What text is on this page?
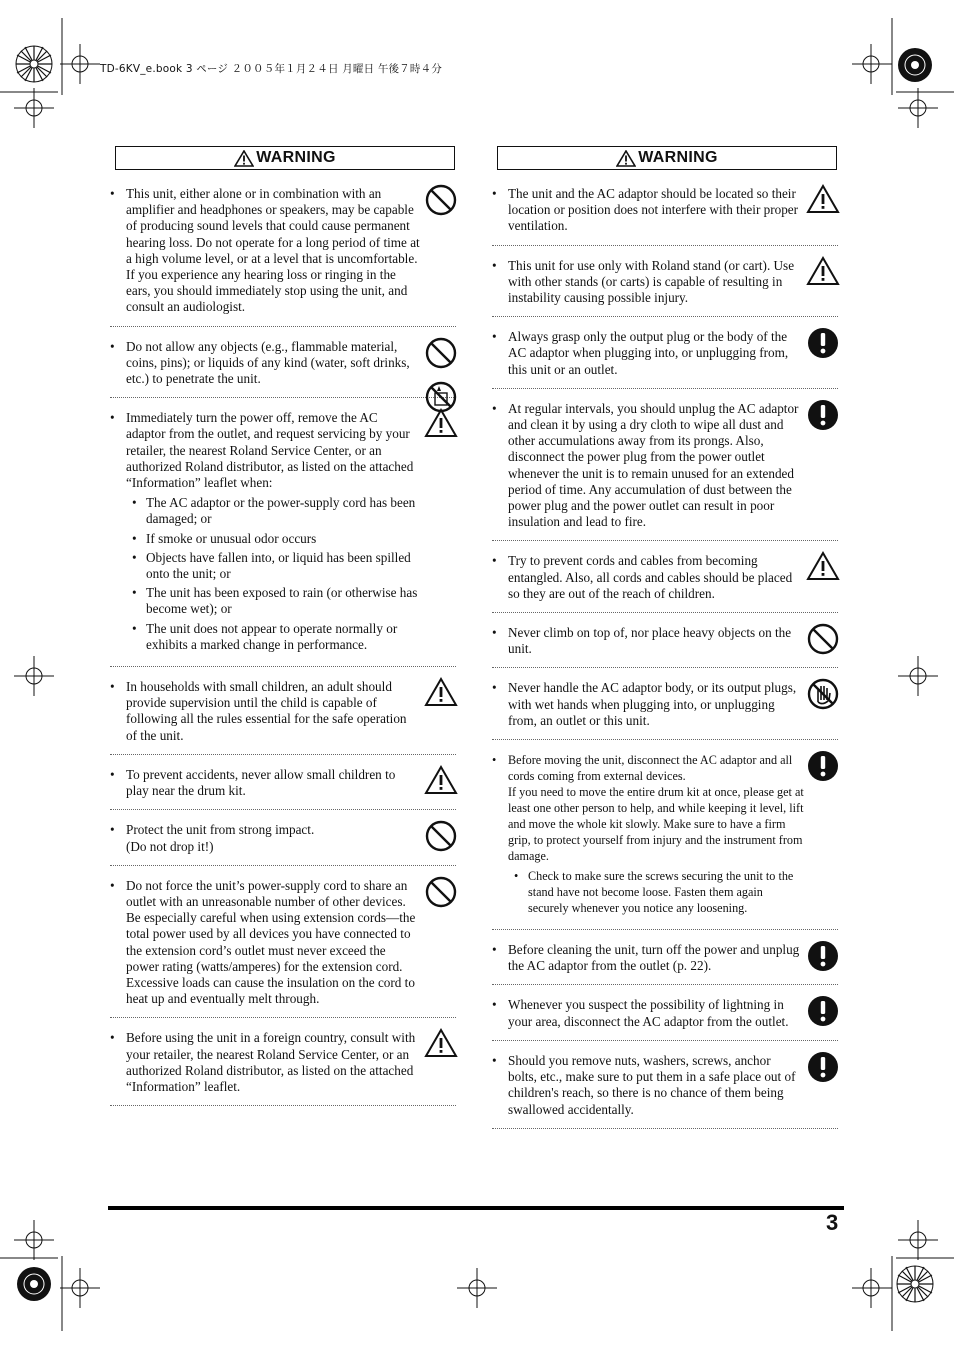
TD-6KV_e.book 3 ページ ２００５年１月２４日 月曜日 午後７時４分
WARNING
• This unit, either alone or in combination with an amplifier and headphones or speakers, may be capable of producing sound levels that could cause permanent hearing loss. Do not operate for a long period of time at a high volume level, or at a level that is uncomfortable. If you experience any hearing loss or ringing in the ears, you should immediately stop using the unit, and consult an audiologist.
• Do not allow any objects (e.g., flammable material, coins, pins); or liquids of any kind (water, soft drinks, etc.) to penetrate the unit.
• Immediately turn the power off, remove the AC adaptor from the outlet, and request servicing by your retailer, the nearest Roland Service Center, or an authorized Roland distributor, as listed on the attached “Information” leaflet when:
• The AC adaptor or the power-supply cord has been damaged; or
• If smoke or unusual odor occurs
• Objects have fallen into, or liquid has been spilled onto the unit; or
• The unit has been exposed to rain (or otherwise has become wet); or
• The unit does not appear to operate normally or exhibits a marked change in performance.
• In households with small children, an adult should provide supervision until the child is capable of following all the rules essential for the safe operation of the unit.
• To prevent accidents, never allow small children to play near the drum kit.
• Protect the unit from strong impact.
(Do not drop it!)
• Do not force the unit’s power-supply cord to share an outlet with an unreasonable number of other devices. Be especially careful when using extension cords—the total power used by all devices you have connected to the extension cord’s outlet must never exceed the power rating (watts/amperes) for the extension cord. Excessive loads can cause the insulation on the cord to heat up and eventually melt through.
• Before using the unit in a foreign country, consult with your retailer, the nearest Roland Service Center, or an authorized Roland distributor, as listed on the attached “Information” leaflet.
WARNING
• The unit and the AC adaptor should be located so their location or position does not interfere with their proper ventilation.
• This unit for use only with Roland stand (or cart). Use with other stands (or carts) is capable of resulting in instability causing possible injury.
• Always grasp only the output plug or the body of the AC adaptor when plugging into, or unplugging from, this unit or an outlet.
• At regular intervals, you should unplug the AC adaptor and clean it by using a dry cloth to wipe all dust and other accumulations away from its prongs. Also, disconnect the power plug from the power outlet whenever the unit is to remain unused for an extended period of time. Any accumulation of dust between the power plug and the power outlet can result in poor insulation and lead to fire.
• Try to prevent cords and cables from becoming entangled. Also, all cords and cables should be placed so they are out of the reach of children.
• Never climb on top of, nor place heavy objects on the unit.
• Never handle the AC adaptor body, or its output plugs, with wet hands when plugging into, or unplugging from, an outlet or this unit.
• Before moving the unit, disconnect the AC adaptor and all cords coming from external devices.
If you need to move the entire drum kit at once, please get at least one other person to help, and while keeping it level, lift and move the whole kit slowly. Make sure to have a firm grip, to protect yourself from injury and the instrument from damage.
• Check to make sure the screws securing the unit to the stand have not become loose. Fasten them again securely whenever you notice any loosening.
• Before cleaning the unit, turn off the power and unplug the AC adaptor from the outlet (p. 22).
• Whenever you suspect the possibility of lightning in your area, disconnect the AC adaptor from the outlet.
• Should you remove nuts, washers, screws, anchor bolts, etc., make sure to put them in a safe place out of children's reach, so there is no chance of them being swallowed accidentally.
3
